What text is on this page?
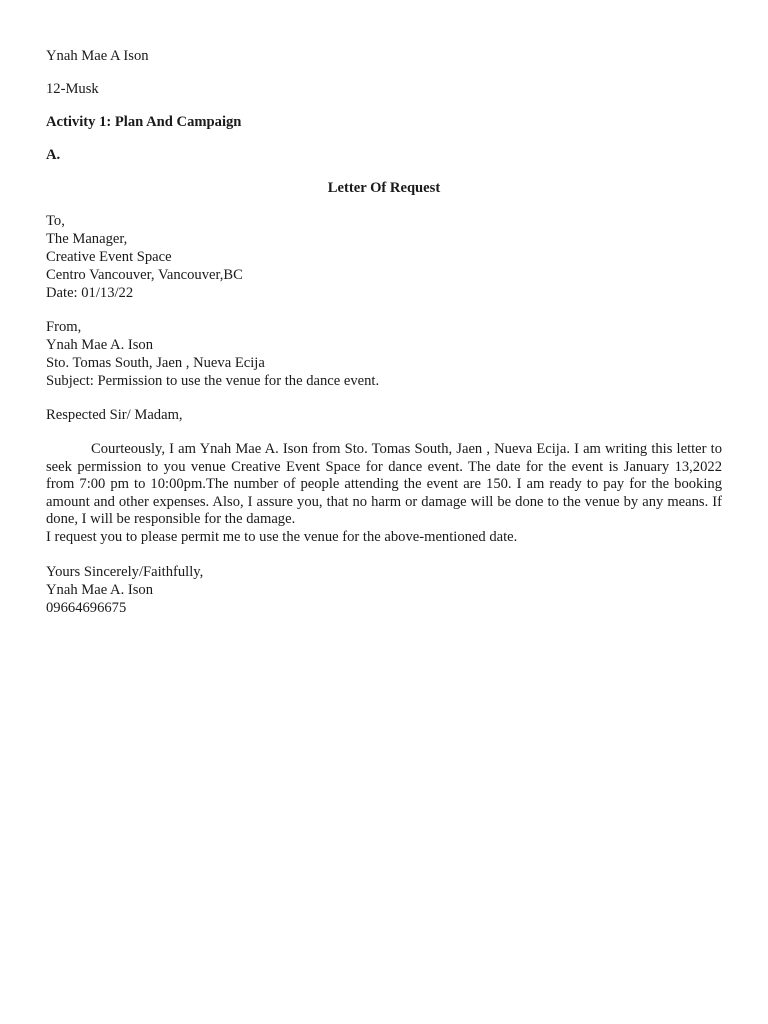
Ynah Mae A Ison
12-Musk
Activity 1: Plan And Campaign
A.
Letter Of Request
To,
The Manager,
Creative Event Space
Centro Vancouver, Vancouver,BC
Date: 01/13/22
From,
Ynah Mae A. Ison
Sto. Tomas South, Jaen , Nueva Ecija
Subject: Permission to use the venue for the dance event.
Respected Sir/ Madam,
Courteously, I am Ynah Mae A. Ison from Sto. Tomas South, Jaen , Nueva Ecija. I am writing this letter to seek permission to you venue Creative Event Space for dance event. The date for the event is January 13,2022 from 7:00 pm to 10:00pm.The number of people attending the event are 150. I am ready to pay for the booking amount and other expenses. Also, I assure you, that no harm or damage will be done to the venue by any means. If done, I will be responsible for the damage.
I request you to please permit me to use the venue for the above-mentioned date.
Yours Sincerely/Faithfully,
Ynah Mae A. Ison
09664696675
